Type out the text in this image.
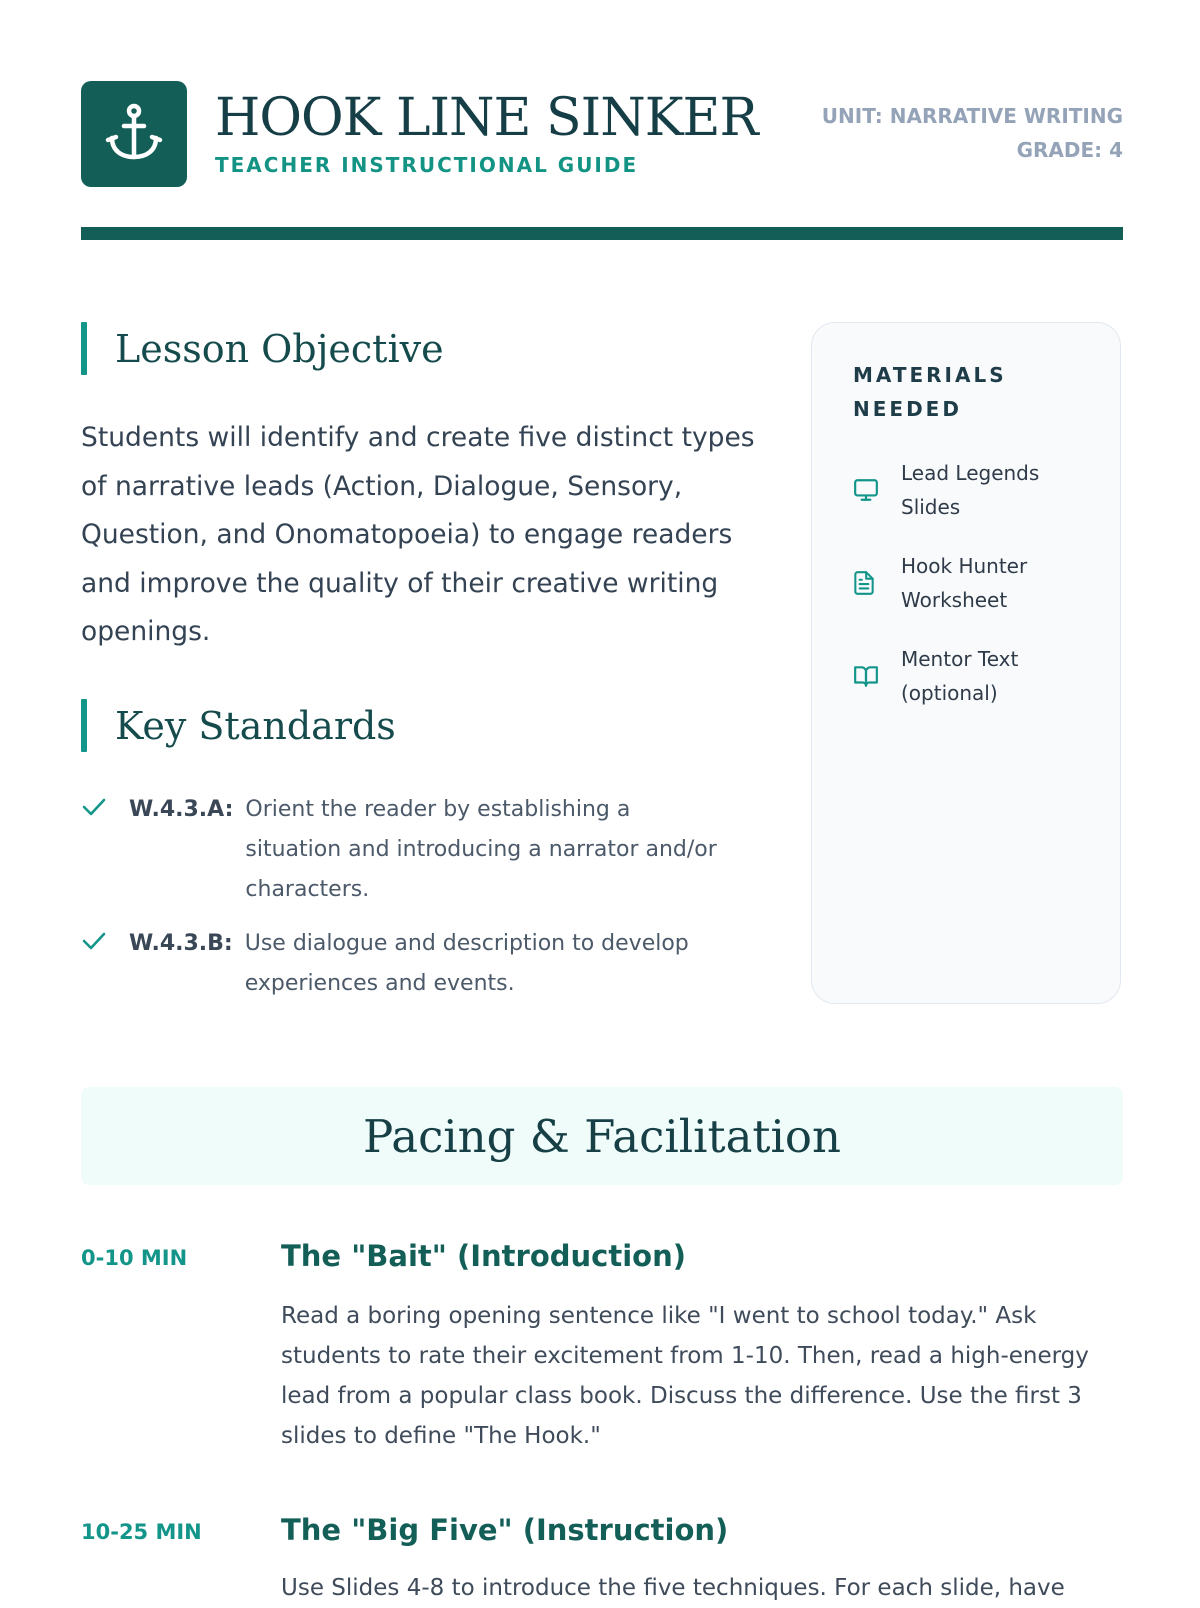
HOOK LINE SINKER
TEACHER INSTRUCTIONAL GUIDE
UNIT: NARRATIVE WRITING
GRADE: 4
Lesson Objective

Students will identify and create five distinct types of narrative leads (Action, Dialogue, Sensory, Question, and Onomatopoeia) to engage readers and improve the quality of their creative writing openings.

Key Standards
W.4.3.A: Orient the reader by establishing a
situation and introducing a narrator and/or
characters.
W.4.3.B: Use dialogue and description to develop
experiences and events.
MATERIALS
NEEDED
Lead Legends
Slides
Hook Hunter
Worksheet
Mentor Text
(optional)
Pacing & Facilitation
0-10 MIN	The "Bait" (Introduction)

Read a boring opening sentence like "I went to school today." Ask students to rate their excitement from 1-10. Then, read a high-energy lead from a popular class book. Discuss the difference. Use the first 3 slides to define "The Hook."

10-25 MIN	The "Big Five" (Instruction)

Use Slides 4-8 to introduce the five techniques. For each slide, have
